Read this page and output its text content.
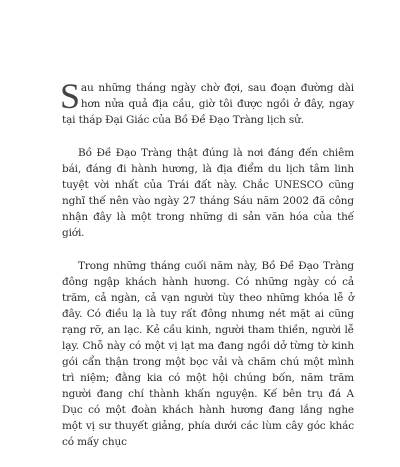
Sau những tháng ngày chờ đợi, sau đoạn đường dài hơn nửa quả địa cầu, giờ tôi được ngồi ở đây, ngay tại tháp Đại Giác của Bồ Đề Đạo Tràng lịch sử.

Bồ Đề Đạo Tràng thật đúng là nơi đáng đến chiêm bái, đáng đi hành hương, là địa điểm du lịch tâm linh tuyệt vời nhất của Trái đất này. Chắc UNESCO cũng nghĩ thế nên vào ngày 27 tháng Sáu năm 2002 đã công nhận đây là một trong những di sản văn hóa của thế giới.

Trong những tháng cuối năm này, Bồ Đề Đạo Tràng đông ngập khách hành hương. Có những ngày có cả trăm, cả ngàn, cả vạn người tùy theo những khóa lễ ở đây. Có điều lạ là tuy rất đông nhưng nét mặt ai cũng rạng rỡ, an lạc. Kẻ cầu kinh, người tham thiền, người lễ lạy. Chỗ này có một vị lạt ma đang ngồi dở từng tờ kinh gói cẩn thận trong một bọc vải và chăm chú một mình trì niệm; đằng kia có một hội chúng bốn, năm trăm người đang chí thành khấn nguyện. Kế bên trụ đá A Dục có một đoàn khách hành hương đang lắng nghe một vị sư thuyết giảng, phía dưới các lùm cây góc khác có mấy chục
